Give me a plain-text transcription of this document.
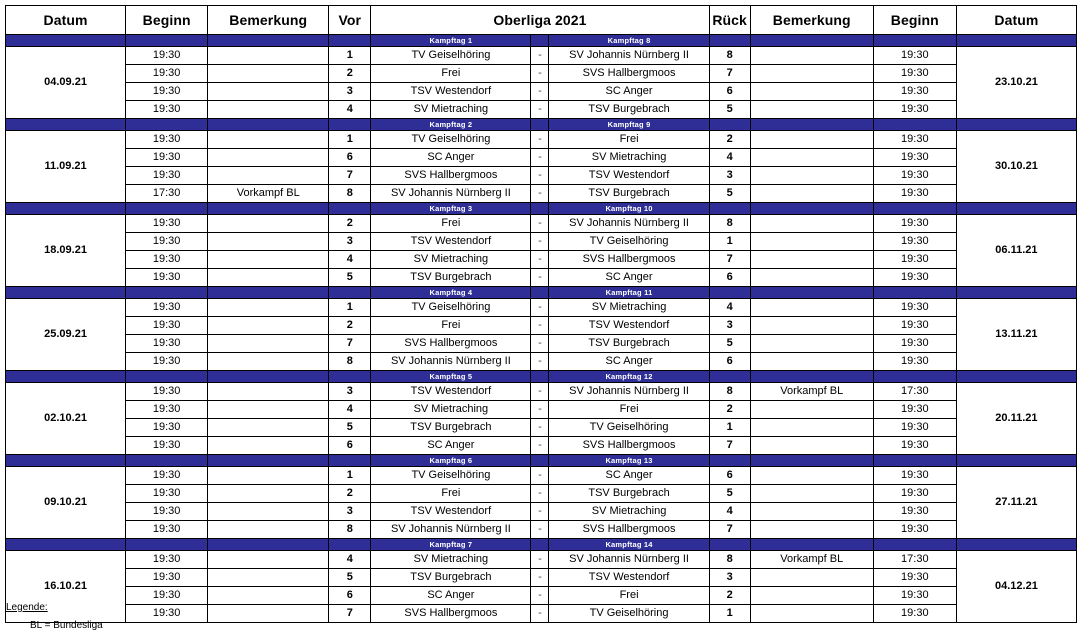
Datum	Beginn	Bemerkung	Vor	Oberliga 2021			Rück	Bemerkung	Beginn	Datum
				Kampftag 1		Kampftag 8				
04.09.21	19:30		1	TV Geiselhöring	-	SV Johannis Nürnberg II	8		19:30	23.10.21
	19:30		2	Frei	-	SVS Hallbergmoos	7		19:30	
	19:30		3	TSV Westendorf	-	SC Anger	6		19:30	
	19:30		4	SV Mietraching	-	TSV Burgebrach	5		19:30	
				Kampftag 2		Kampftag 9				
11.09.21	19:30		1	TV Geiselhöring	-	Frei	2		19:30	30.10.21
	19:30		6	SC Anger	-	SV Mietraching	4		19:30	
	19:30		7	SVS Hallbergmoos	-	TSV Westendorf	3		19:30	
	17:30	Vorkampf BL	8	SV Johannis Nürnberg II	-	TSV Burgebrach	5		19:30	
				Kampftag 3		Kampftag 10				
18.09.21	19:30		2	Frei	-	SV Johannis Nürnberg II	8		19:30	06.11.21
	19:30		3	TSV Westendorf	-	TV Geiselhöring	1		19:30	
	19:30		4	SV Mietraching	-	SVS Hallbergmoos	7		19:30	
	19:30		5	TSV Burgebrach	-	SC Anger	6		19:30	
				Kampftag 4		Kampftag 11				
25.09.21	19:30		1	TV Geiselhöring	-	SV Mietraching	4		19:30	13.11.21
	19:30		2	Frei	-	TSV Westendorf	3		19:30	
	19:30		7	SVS Hallbergmoos	-	TSV Burgebrach	5		19:30	
	19:30		8	SV Johannis Nürnberg II	-	SC Anger	6		19:30	
				Kampftag 5		Kampftag 12				
02.10.21	19:30		3	TSV Westendorf	-	SV Johannis Nürnberg II	8	Vorkampf BL	17:30	20.11.21
	19:30		4	SV Mietraching	-	Frei	2		19:30	
	19:30		5	TSV Burgebrach	-	TV Geiselhöring	1		19:30	
	19:30		6	SC Anger	-	SVS Hallbergmoos	7		19:30	
				Kampftag 6		Kampftag 13				
09.10.21	19:30		1	TV Geiselhöring	-	SC Anger	6		19:30	27.11.21
	19:30		2	Frei	-	TSV Burgebrach	5		19:30	
	19:30		3	TSV Westendorf	-	SV Mietraching	4		19:30	
	19:30		8	SV Johannis Nürnberg II	-	SVS Hallbergmoos	7		19:30	
				Kampftag 7		Kampftag 14				
16.10.21	19:30		4	SV Mietraching	-	SV Johannis Nürnberg II	8	Vorkampf BL	17:30	04.12.21
	19:30		5	TSV Burgebrach	-	TSV Westendorf	3		19:30	
	19:30		6	SC Anger	-	Frei	2		19:30	
	19:30		7	SVS Hallbergmoos	-	TV Geiselhöring	1		19:30	
Legende:
BL = Bundesliga
